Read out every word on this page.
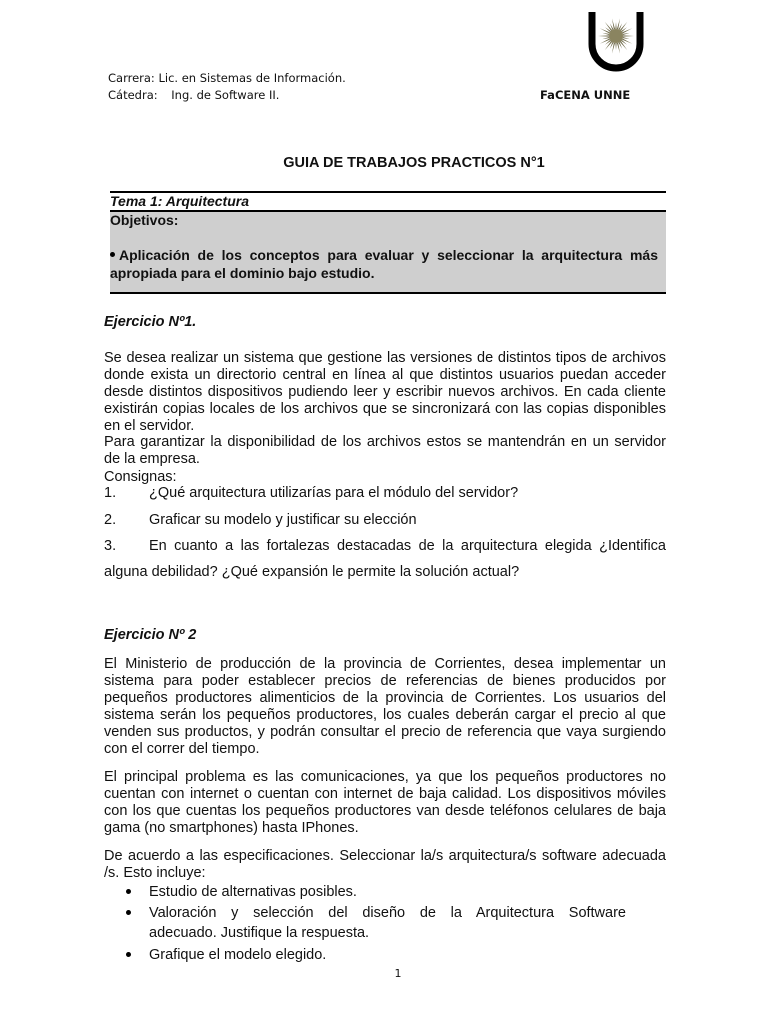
Carrera: Lic. en Sistemas de Información.
Cátedra: Ing. de Software II.	FaCENA UNNE
GUIA DE TRABAJOS PRACTICOS N°1
Tema 1: Arquitectura
Objetivos:
Aplicación de los conceptos para evaluar y seleccionar la arquitectura más apropiada para el dominio bajo estudio.
Ejercicio Nº1.
Se desea realizar un sistema que gestione las versiones de distintos tipos de archivos donde exista un directorio central en línea al que distintos usuarios puedan acceder desde distintos dispositivos pudiendo leer y escribir nuevos archivos. En cada cliente existirán copias locales de los archivos que se sincronizará con las copias disponibles en el servidor.
Para garantizar la disponibilidad de los archivos estos se mantendrán en un servidor de la empresa.
Consignas:
1. ¿Qué arquitectura utilizarías para el módulo del servidor?
2. Graficar su modelo y justificar su elección
3. En cuanto a las fortalezas destacadas de la arquitectura elegida ¿Identifica
alguna debilidad? ¿Qué expansión le permite la solución actual?
Ejercicio Nº 2
El Ministerio de producción de la provincia de Corrientes, desea implementar un sistema para poder establecer precios de referencias de bienes producidos por pequeños productores alimenticios de la provincia de Corrientes. Los usuarios del sistema serán los pequeños productores, los cuales deberán cargar el precio al que venden sus productos, y podrán consultar el precio de referencia que vaya surgiendo con el correr del tiempo.
El principal problema es las comunicaciones, ya que los pequeños productores no cuentan con internet o cuentan con internet de baja calidad. Los dispositivos móviles con los que cuentas los pequeños productores van desde teléfonos celulares de baja gama (no smartphones) hasta IPhones.
De acuerdo a las especificaciones. Seleccionar la/s arquitectura/s software adecuada /s. Esto incluye:
Estudio de alternativas posibles.
Valoración y selección del diseño de la Arquitectura Software
adecuado. Justifique la respuesta.
Grafique el modelo elegido.
1
